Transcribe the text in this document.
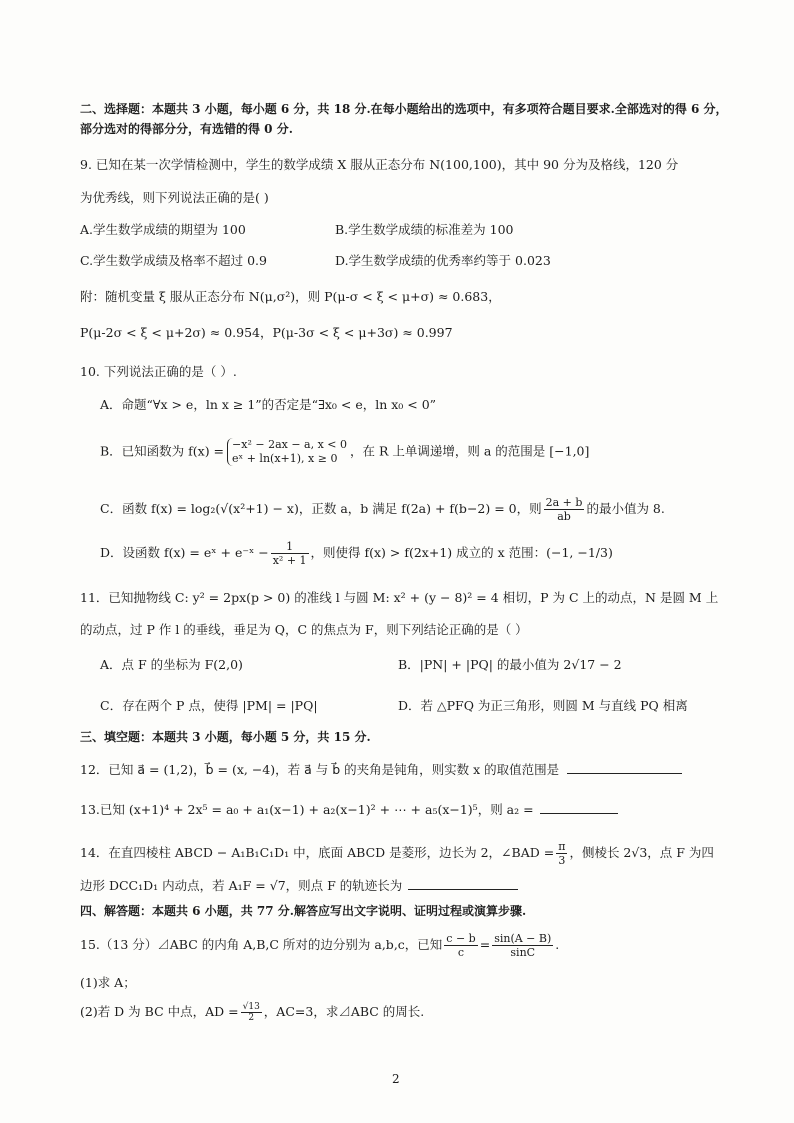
二、选择题：本题共 3 小题，每小题 6 分，共 18 分.在每小题给出的选项中，有多项符合题目要求.全部选对的得 6 分，
部分选对的得部分分，有选错的得 0 分.
9. 已知在某一次学情检测中，学生的数学成绩 X 服从正态分布 N(100,100)，其中 90 分为及格线，120 分
为优秀线，则下列说法正确的是( )
A.学生数学成绩的期望为 100	B.学生数学成绩的标准差为 100
C.学生数学成绩及格率不超过 0.9	D.学生数学成绩的优秀率约等于 0.023
附：随机变量 ξ 服从正态分布 N(μ,σ²)，则 P(μ-σ < ξ < μ+σ) ≈ 0.683，
P(μ-2σ < ξ < μ+2σ) ≈ 0.954，P(μ-3σ < ξ < μ+3σ) ≈ 0.997
10. 下列说法正确的是（ ）.
A．命题“∀x > e，ln x ≥ 1”的否定是“∃x₀ < e，ln x₀ < 0”
B．已知函数为 f(x) = −x² − 2ax − a, x < 0
eˣ + ln(x+1), x ≥ 0	，在 R 上单调递增，则 a 的范围是 [−1,0]
C．函数 f(x) = log₂(√(x²+1) − x)，正数 a，b 满足 f(2a) + f(b−2) = 0，则 $\frac{2a + b}{ab}$ 的最小值为 8.
D．设函数 f(x) = eˣ + e⁻ˣ − $\frac{1}{\text{x² + 1}}$ ，则使得 f(x) > f(2x+1) 成立的 x 范围：(−1, −1/3)
11．已知抛物线 C: y² = 2px(p > 0) 的准线 l 与圆 M: x² + (y − 8)² = 4 相切，P 为 C 上的动点，N 是圆 M 上
的动点，过 P 作 l 的垂线，垂足为 Q，C 的焦点为 F，则下列结论正确的是（ ）
A．点 F 的坐标为 F(2,0)	B．|PN| + |PQ| 的最小值为 2√17 − 2
C．存在两个 P 点，使得 |PM| = |PQ|	D．若 △PFQ 为正三角形，则圆 M 与直线 PQ 相离
三、填空题：本题共 3 小题，每小题 5 分，共 15 分.
12．已知 a⃗ = (1,2)，b⃗ = (x, −4)，若 a⃗ 与 b⃗ 的夹角是钝角，则实数 x 的取值范围是
13.已知 (x+1)⁴ + 2x⁵ = a₀ + a₁(x−1) + a₂(x−1)² + ⋯ + a₅(x−1)⁵，则 a₂ =
14．在直四棱柱 ABCD − A₁B₁C₁D₁ 中，底面 ABCD 是菱形，边长为 2，∠BAD = $\frac{\pi}{3}$ ，侧棱长 2√3，点 F 为四
边形 DCC₁D₁ 内动点，若 A₁F = √7，则点 F 的轨迹长为
四、解答题：本题共 6 小题，共 77 分.解答应写出文字说明、证明过程或演算步骤.
15.（13 分）⊿ABC 的内角 A,B,C 所对的边分别为 a,b,c，已知 $\frac{c - b}{c} = \frac{\sin(A - B)}{\sin C}$ .
(1)求 A；
(2)若 D 为 BC 中点，AD = $\frac{√13}{2}$ ，AC=3，求⊿ABC 的周长.
2
